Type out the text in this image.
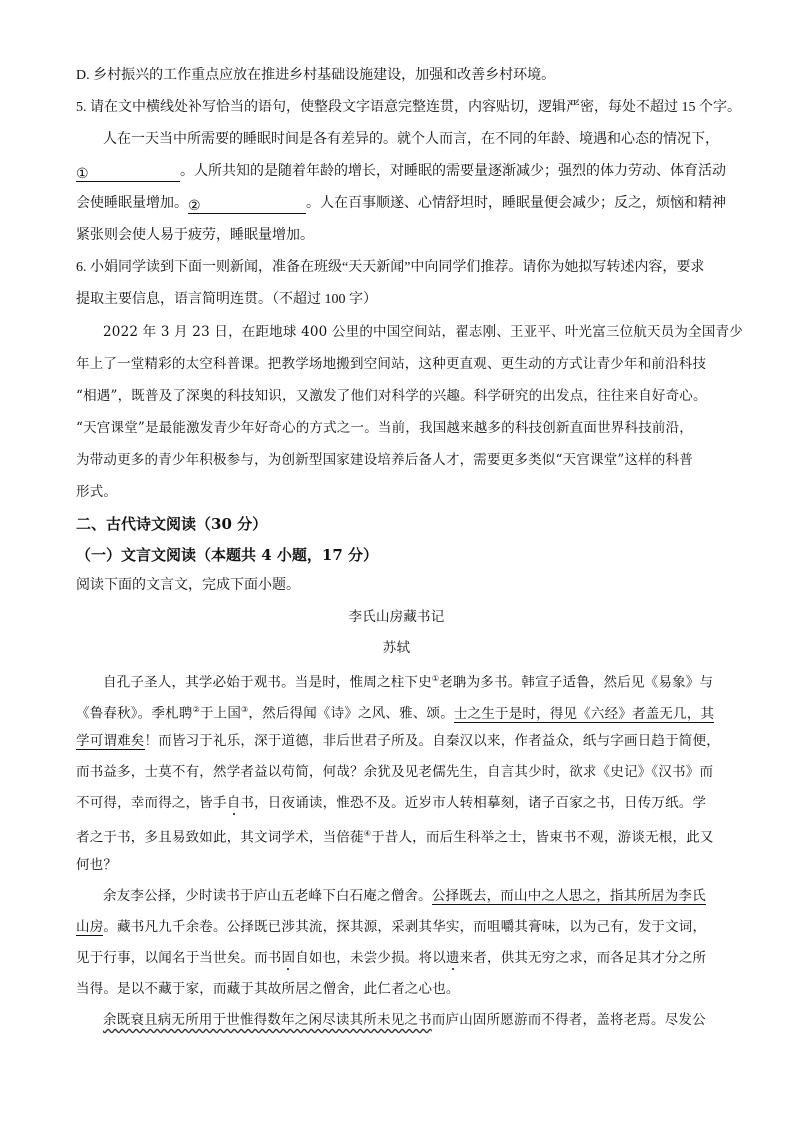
D. 乡村振兴的工作重点应放在推进乡村基础设施建设，加强和改善乡村环境。
5. 请在文中横线处补写恰当的语句，使整段文字语意完整连贯，内容贴切，逻辑严密，每处不超过 15 个字。
人在一天当中所需要的睡眠时间是各有差异的。就个人而言，在不同的年龄、境遇和心态的情况下，
①	。人所共知的是随着年龄的增长，对睡眠的需要量逐渐减少；强烈的体力劳动、体育活动
会使睡眠量增加。②	。人在百事顺遂、心情舒坦时，睡眠量便会减少；反之，烦恼和精神
紧张则会使人易于疲劳，睡眠量增加。
6. 小娟同学读到下面一则新闻，准备在班级“天天新闻”中向同学们推荐。请你为她拟写转述内容，要求
提取主要信息，语言简明连贯。（不超过 100 字）
2022 年 3 月 23 日，在距地球 400 公里的中国空间站，翟志刚、王亚平、叶光富三位航天员为全国青少
年上了一堂精彩的太空科普课。把教学场地搬到空间站，这种更直观、更生动的方式让青少年和前沿科技
“相遇”，既普及了深奥的科技知识，又激发了他们对科学的兴趣。科学研究的出发点，往往来自好奇心。
“天宫课堂”是最能激发青少年好奇心的方式之一。当前，我国越来越多的科技创新直面世界科技前沿，
为带动更多的青少年积极参与，为创新型国家建设培养后备人才，需要更多类似“天宫课堂”这样的科普
形式。
二、古代诗文阅读（30 分）
（一）文言文阅读（本题共 4 小题，17 分）
阅读下面的文言文，完成下面小题。
李氏山房藏书记
苏轼
自孔子圣人，其学必始于观书。当是时，惟周之柱下史①老聃为多书。韩宣子适鲁，然后见《易象》与
《鲁春秋》。季札聘②于上国③，然后得闻《诗》之风、雅、颂。士之生于是时，得见《六经》者盖无几，其
学可谓难矣！而皆习于礼乐，深于道德，非后世君子所及。自秦汉以来，作者益众，纸与字画日趋于简便，
而书益多，士莫不有，然学者益以苟简，何哉？余犹及见老儒先生，自言其少时，欲求《史记》《汉书》而
不可得，幸而得之，皆手自书，日夜诵读，惟恐不及。近岁市人转相摹刻，诸子百家之书，日传万纸。学
者之于书，多且易致如此，其文词学术，当倍蓰④于昔人，而后生科举之士，皆束书不观，游谈无根，此又
何也？
余友李公择，少时读书于庐山五老峰下白石庵之僧舍。公择既去，而山中之人思之，指其所居为李氏
山房。藏书凡九千余卷。公择既已涉其流，探其源，采剥其华实，而咀嚼其膏味，以为己有，发于文词，
见于行事，以闻名于当世矣。而书固自如也，未尝少损。将以遗来者，供其无穷之求，而各足其才分之所
当得。是以不藏于家，而藏于其故所居之僧舍，此仁者之心也。
余既衰且病无所用于世惟得数年之闲尽读其所未见之书而庐山固所愿游而不得者，盖将老焉。尽发公
